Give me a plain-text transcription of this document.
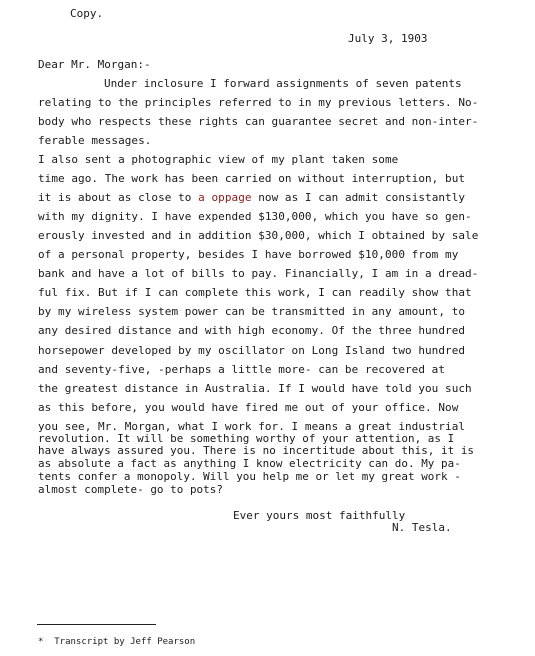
Copy.

July 3, 1903

Dear Mr. Morgan:-

Under inclosure I forward assignments of seven patents

relating to the principles referred to in my previous letters. No-

body who respects these rights can guarantee secret and non-inter-

ferable messages.

I also sent a photographic view of my plant taken some

time ago. The work has been carried on without interruption, but

it is about as close to a oppage now as I can admit consistantly

with my dignity. I have expended $130,000, which you have so gen-

erously invested and in addition $30,000, which I obtained by sale

of a personal property, besides I have borrowed $10,000 from my

bank and have a lot of bills to pay. Financially, I am in a dread-

ful fix. But if I can complete this work, I can readily show that

by my wireless system power can be transmitted in any amount, to

any desired distance and with high economy. Of the three hundred

horsepower developed by my oscillator on Long Island two hundred

and seventy-five, -perhaps a little more- can be recovered at

the greatest distance in Australia. If I would have told you such

as this before, you would have fired me out of your office. Now

you see, Mr. Morgan, what I work for. I means a great industrial

revolution. It will be something worthy of your attention, as I

have always assured you. There is no incertitude about this, it is

as absolute a fact as anything I know electricity can do. My pa-

tents confer a monopoly. Will you help me or let my great work -

almost complete- go to pots?

Ever yours most faithfully

N. Tesla.

*  Transcript by Jeff Pearson
